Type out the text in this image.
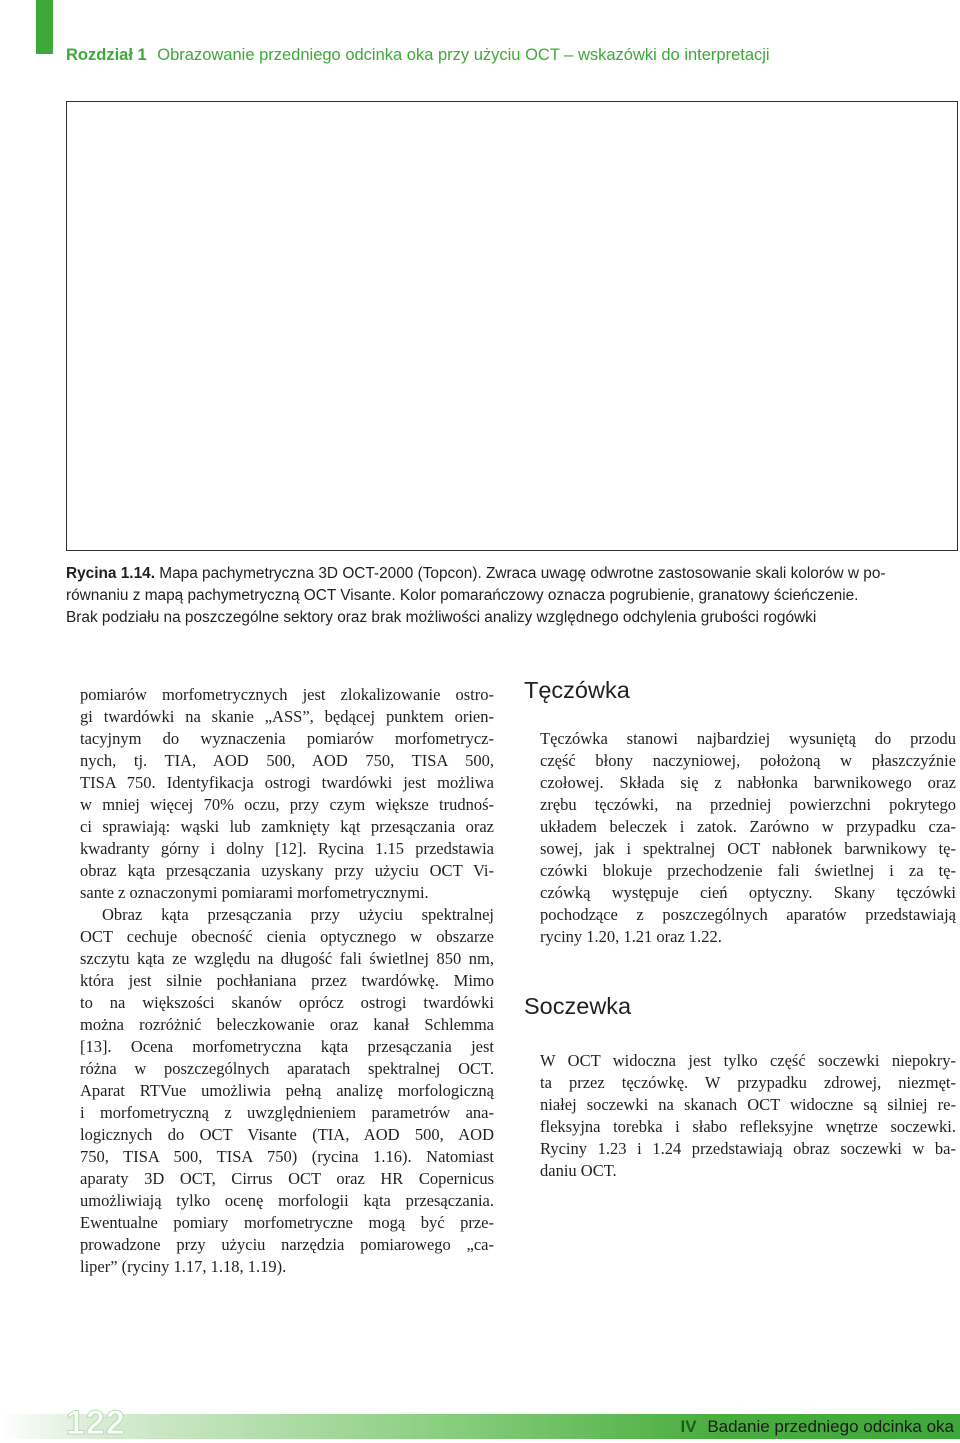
Rozdział 1 Obrazowanie przedniego odcinka oka przy użyciu OCT – wskazówki do interpretacji
Rycina 1.14. Mapa pachymetryczna 3D OCT-2000 (Topcon). Zwraca uwagę odwrotne zastosowanie skali kolorów w po-
równaniu z mapą pachymetryczną OCT Visante. Kolor pomarańczowy oznacza pogrubienie, granatowy ścieńczenie.
Brak podziału na poszczególne sektory oraz brak możliwości analizy względnego odchylenia grubości rogówki

pomiarów morfometrycznych jest zlokalizowanie ostro-
gi twardówki na skanie „ASS”, będącej punktem orien-
tacyjnym do wyznaczenia pomiarów morfometrycz-
nych, tj. TIA, AOD 500, AOD 750, TISA 500,
TISA 750. Identyfikacja ostrogi twardówki jest możliwa
w mniej więcej 70% oczu, przy czym większe trudnoś-
ci sprawiają: wąski lub zamknięty kąt przesączania oraz
kwadranty górny i dolny [12]. Rycina 1.15 przedstawia
obraz kąta przesączania uzyskany przy użyciu OCT Vi-
sante z oznaczonymi pomiarami morfometrycznymi.

Obraz kąta przesączania przy użyciu spektralnej
OCT cechuje obecność cienia optycznego w obszarze
szczytu kąta ze względu na długość fali świetlnej 850 nm,
która jest silnie pochłaniana przez twardówkę. Mimo
to na większości skanów oprócz ostrogi twardówki
można rozróżnić beleczkowanie oraz kanał Schlemma
[13]. Ocena morfometryczna kąta przesączania jest
różna w poszczególnych aparatach spektralnej OCT.
Aparat RTVue umożliwia pełną analizę morfologiczną
i morfometryczną z uwzględnieniem parametrów ana-
logicznych do OCT Visante (TIA, AOD 500, AOD
750, TISA 500, TISA 750) (rycina 1.16). Natomiast
aparaty 3D OCT, Cirrus OCT oraz HR Copernicus
umożliwiają tylko ocenę morfologii kąta przesączania.
Ewentualne pomiary morfometryczne mogą być prze-
prowadzone przy użyciu narzędzia pomiarowego „ca-
liper” (ryciny 1.17, 1.18, 1.19).

Tęczówka

Tęczówka stanowi najbardziej wysuniętą do przodu
część błony naczyniowej, położoną w płaszczyźnie
czołowej. Składa się z nabłonka barwnikowego oraz
zrębu tęczówki, na przedniej powierzchni pokrytego
układem beleczek i zatok. Zarówno w przypadku cza-
sowej, jak i spektralnej OCT nabłonek barwnikowy tę-
czówki blokuje przechodzenie fali świetlnej i za tę-
czówką występuje cień optyczny. Skany tęczówki
pochodzące z poszczególnych aparatów przedstawiają
ryciny 1.20, 1.21 oraz 1.22.

Soczewka

W OCT widoczna jest tylko część soczewki niepokry-
ta przez tęczówkę. W przypadku zdrowej, niezmęt-
niałej soczewki na skanach OCT widoczne są silniej re-
fleksyjna torebka i słabo refleksyjne wnętrze soczewki.
Ryciny 1.23 i 1.24 przedstawiają obraz soczewki w ba-
daniu OCT.

122	IV Badanie przedniego odcinka oka
